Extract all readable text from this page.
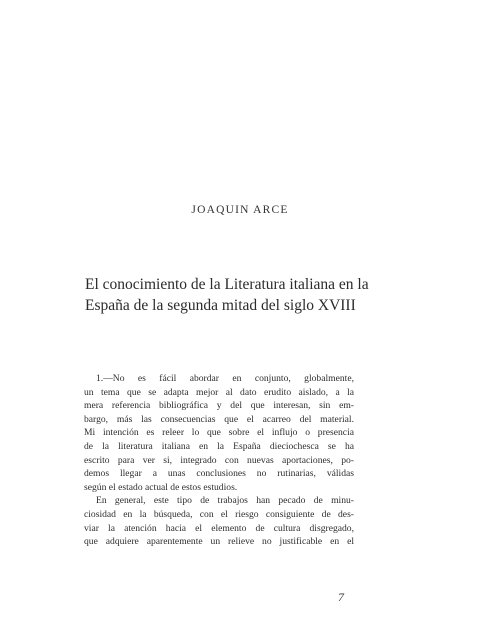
JOAQUIN ARCE
El conocimiento de la Literatura italiana en la
España de la segunda mitad del siglo XVIII
1.—No es fácil abordar en conjunto, globalmente,
un tema que se adapta mejor al dato erudito aislado, a la
mera referencia bibliográfica y del que interesan, sin em-
bargo, más las consecuencias que el acarreo del material.
Mi intención es releer lo que sobre el influjo o presencia
de la literatura italiana en la España dieciochesca se ha
escrito para ver si, integrado con nuevas aportaciones, po-
demos llegar a unas conclusiones no rutinarias, válidas
según el estado actual de estos estudios.
En general, este tipo de trabajos han pecado de minu-
ciosidad en la búsqueda, con el riesgo consiguiente de des-
viar la atención hacia el elemento de cultura disgregado,
que adquiere aparentemente un relieve no justificable en el
7
